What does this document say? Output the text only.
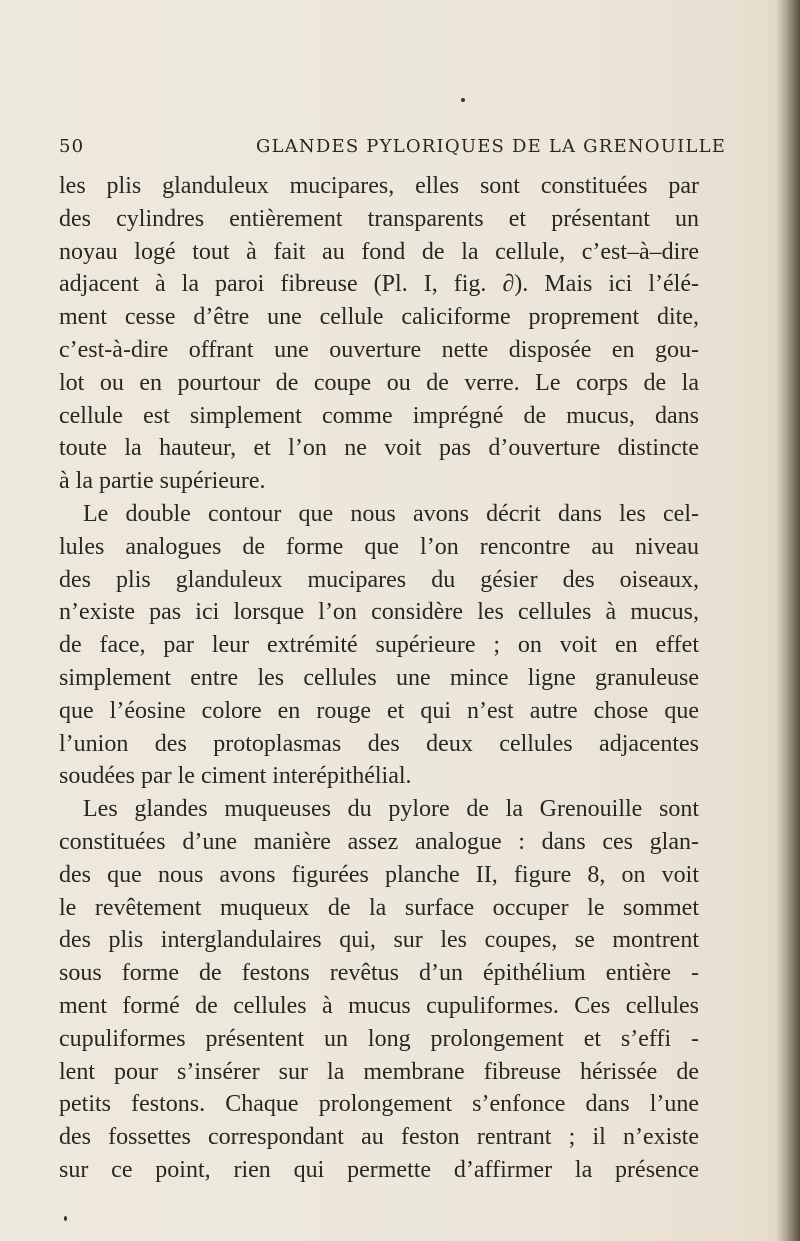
50	GLANDES PYLORIQUES DE LA GRENOUILLE
les plis glanduleux mucipares, elles sont constituées par
des cylindres entièrement transparents et présentant un
noyau logé tout à fait au fond de la cellule, c’est–à–dire
adjacent à la paroi fibreuse (Pl. I, fig. ∂). Mais ici l’élé-
ment cesse d’être une cellule caliciforme proprement dite,
c’est-à-dire offrant une ouverture nette disposée en gou-
lot ou en pourtour de coupe ou de verre. Le corps de la
cellule est simplement comme imprégné de mucus, dans
toute la hauteur, et l’on ne voit pas d’ouverture distincte
à la partie supérieure.
Le double contour que nous avons décrit dans les cel-
lules analogues de forme que l’on rencontre au niveau
des plis glanduleux mucipares du gésier des oiseaux,
n’existe pas ici lorsque l’on considère les cellules à mucus,
de face, par leur extrémité supérieure ; on voit en effet
simplement entre les cellules une mince ligne granuleuse
que l’éosine colore en rouge et qui n’est autre chose que
l’union des protoplasmas des deux cellules adjacentes
soudées par le ciment interépithélial.
Les glandes muqueuses du pylore de la Grenouille sont
constituées d’une manière assez analogue : dans ces glan-
des que nous avons figurées planche II, figure 8, on voit
le revêtement muqueux de la surface occuper le sommet
des plis interglandulaires qui, sur les coupes, se montrent
sous forme de festons revêtus d’un épithélium entière -
ment formé de cellules à mucus cupuliformes. Ces cellules
cupuliformes présentent un long prolongement et s’effi -
lent pour s’insérer sur la membrane fibreuse hérissée de
petits festons. Chaque prolongement s’enfonce dans l’une
des fossettes correspondant au feston rentrant ; il n’existe
sur ce point, rien qui permette d’affirmer la présence
